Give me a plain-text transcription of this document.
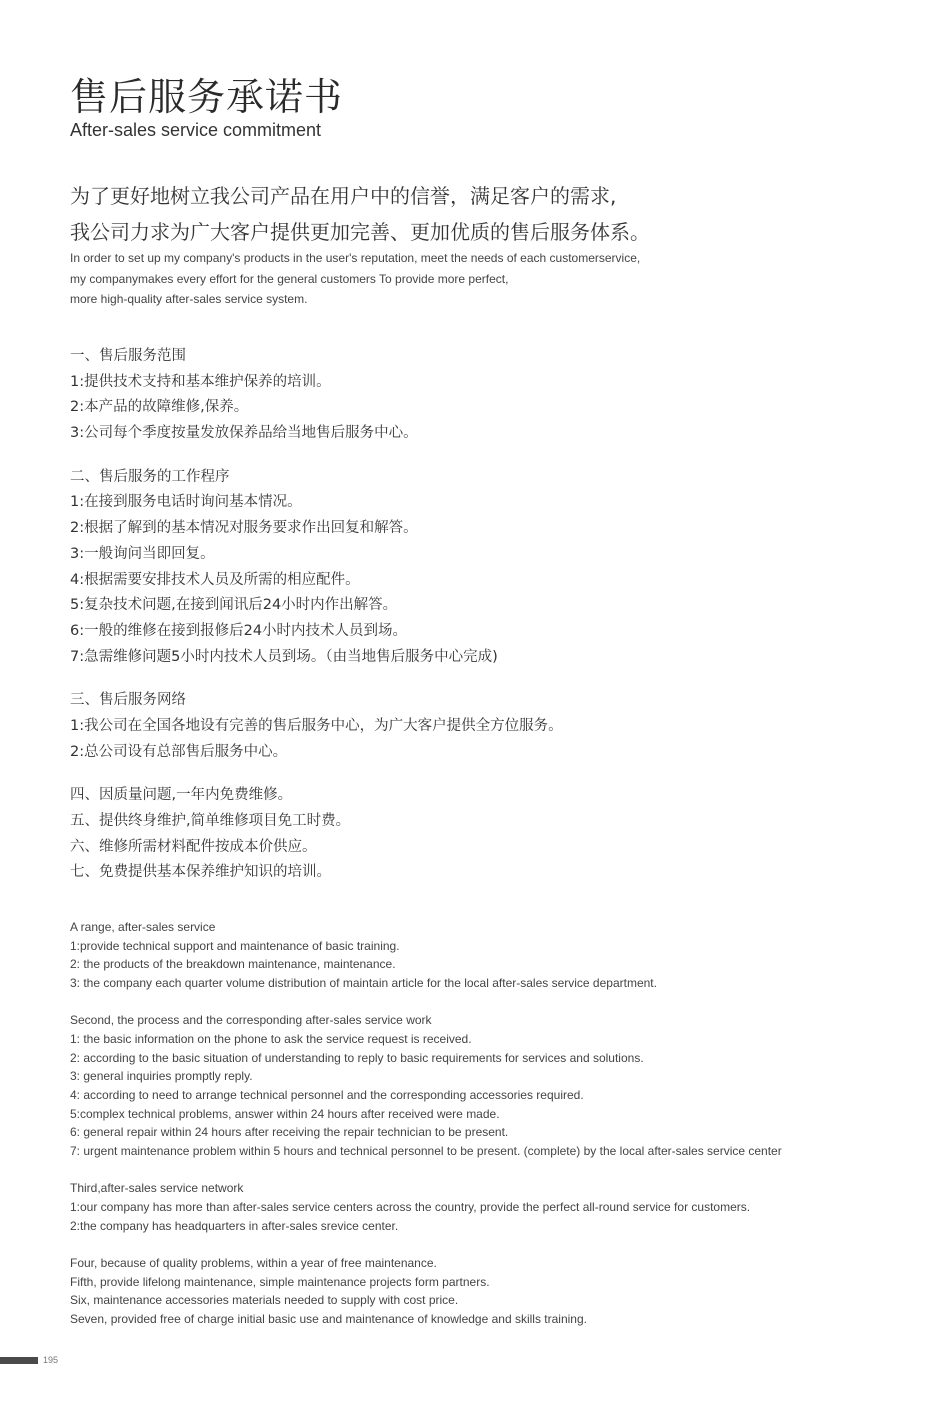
售后服务承诺书
After-sales service commitment
为了更好地树立我公司产品在用户中的信誉，满足客户的需求,
我公司力求为广大客户提供更加完善、更加优质的售后服务体系。
In order to set up my company's products in the user's reputation, meet the needs of each customerservice,
my companymakes every effort for the general customers To provide more perfect,
more high-quality after-sales service system.
一、售后服务范围
1:提供技术支持和基本维护保养的培训。
2:本产品的故障维修,保养。
3:公司每个季度按量发放保养品给当地售后服务中心。
二、售后服务的工作程序
1:在接到服务电话时询问基本情况。
2:根据了解到的基本情况对服务要求作出回复和解答。
3:一般询问当即回复。
4:根据需要安排技术人员及所需的相应配件。
5:复杂技术问题,在接到闻讯后24小时内作出解答。
6:一般的维修在接到报修后24小时内技术人员到场。
7:急需维修问题5小时内技术人员到场。（由当地售后服务中心完成)
三、售后服务网络
1:我公司在全国各地设有完善的售后服务中心，为广大客户提供全方位服务。
2:总公司设有总部售后服务中心。
四、因质量问题,一年内免费维修。
五、提供终身维护,简单维修项目免工时费。
六、维修所需材料配件按成本价供应。
七、免费提供基本保养维护知识的培训。
A range, after-sales service
1:provide technical support and maintenance of basic training.
2: the products of the breakdown maintenance, maintenance.
3: the company each quarter volume distribution of maintain article for the local after-sales service department.
Second, the process and the corresponding after-sales service work
1: the basic information on the phone to ask the service request is received.
2: according to the basic situation of understanding to reply to basic requirements for services and solutions.
3: general inquiries promptly reply.
4: according to need to arrange technical personnel and the corresponding accessories required.
5:complex technical problems, answer within 24 hours after received were made.
6: general repair within 24 hours after receiving the repair technician to be present.
7: urgent maintenance problem within 5 hours and technical personnel to be present. (complete) by the local after-sales service center
Third,after-sales service network
1:our company has more than after-sales service centers across the country, provide the perfect all-round service for customers.
2:the company has headquarters in after-sales srevice center.
Four, because of quality problems, within a year of free maintenance.
Fifth, provide lifelong maintenance, simple maintenance projects form partners.
Six, maintenance accessories materials needed to supply with cost price.
Seven, provided free of charge initial basic use and maintenance of knowledge and skills training.
195
